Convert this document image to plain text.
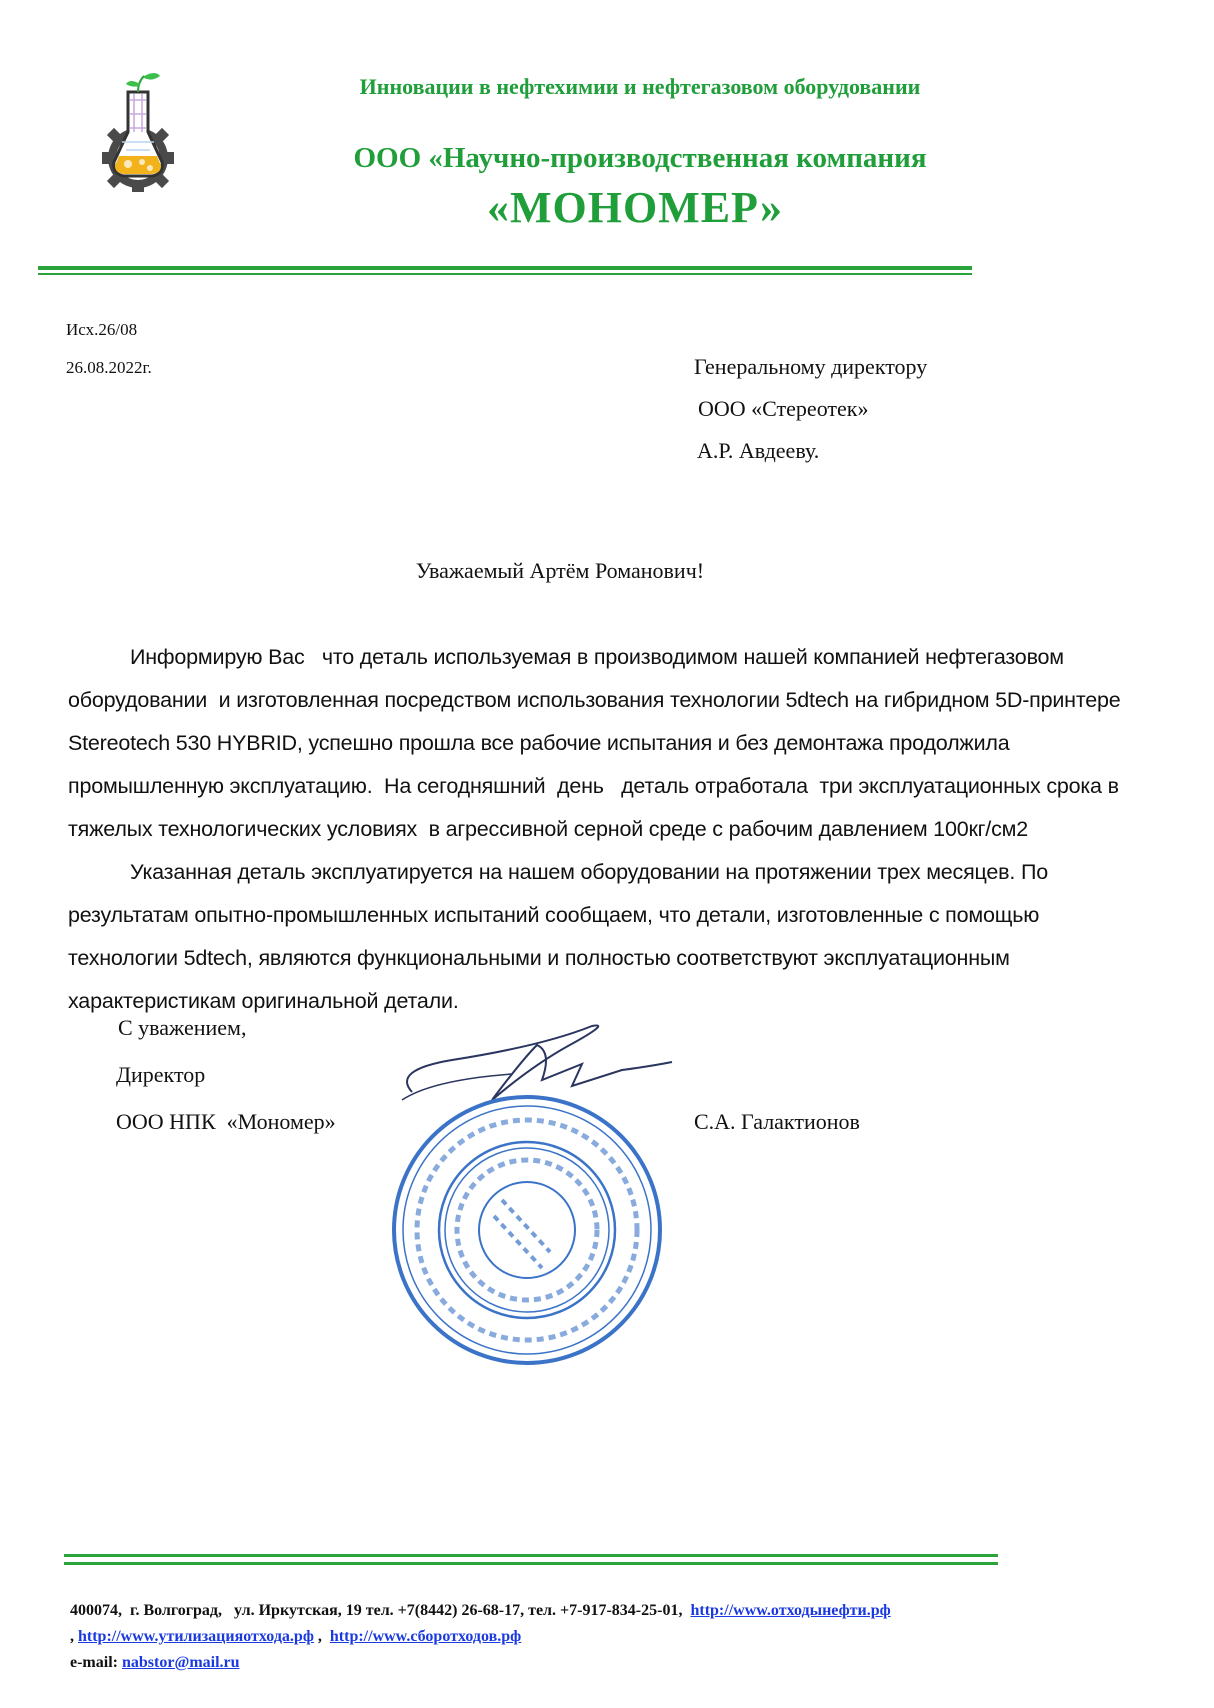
Инновации в нефтехимии и нефтегазовом оборудовании
ООО «Научно-производственная компания
«МОНОМЕР»
Исх.26/08
26.08.2022г.	Генеральному директору
ООО «Стереотек»
А.Р. Авдееву.
Уважаемый Артём Романович!

Информирую Вас   что деталь используемая в производимом нашей компанией нефтегазовом оборудовании  и изготовленная посредством использования технологии 5dtech на гибридном 5D-принтере Stereotech 530 HYBRID, успешно прошла все рабочие испытания и без демонтажа продолжила промышленную эксплуатацию.  На сегодняшний  день   деталь отработала  три эксплуатационных срока в тяжелых технологических условиях  в агрессивной серной среде с рабочим давлением 100кг/см2

Указанная деталь эксплуатируется на нашем оборудовании на протяжении трех месяцев. По результатам опытно-промышленных испытаний сообщаем, что детали, изготовленные с помощью технологии 5dtech, являются функциональными и полностью соответствуют эксплуатационным характеристикам оригинальной детали.

С уважением,
Директор
ООО НПК  «Мономер»	С.А. Галактионов
400074,  г. Волгоград,   ул. Иркутская, 19 тел. +7(8442) 26-68-17, тел. +7-917-834-25-01, http://www.отходынефти.рф
, http://www.утилизацияотхода.рф , http://www.сборотходов.рф
e-mail: nabstor@mail.ru
